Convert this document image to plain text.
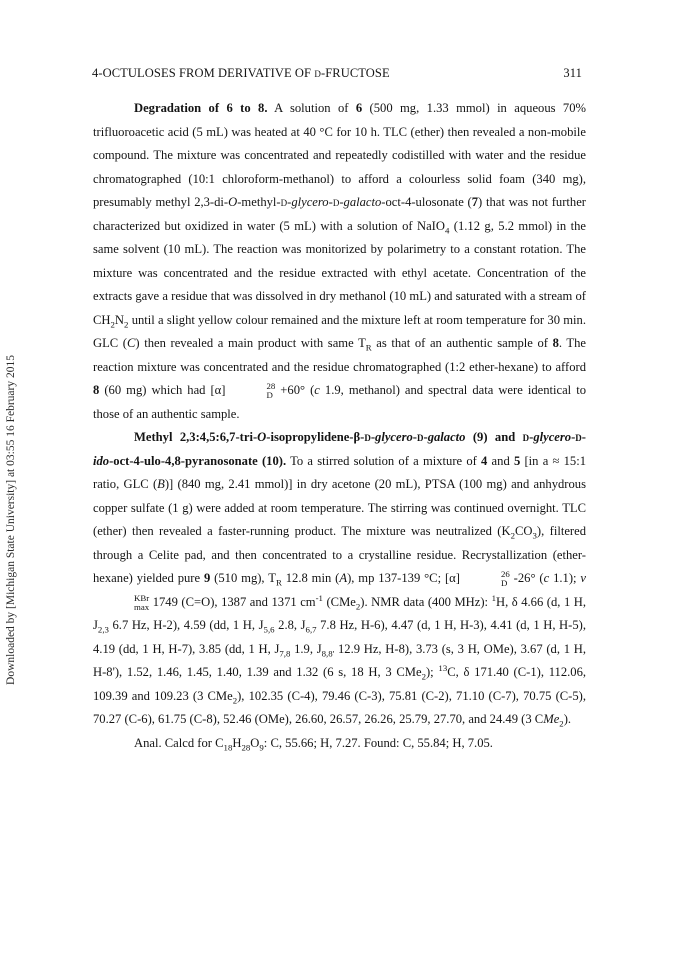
4-OCTULOSES FROM DERIVATIVE OF d-FRUCTOSE	311
Downloaded by [Michigan State University] at 03:55 16 February 2015

Degradation of 6 to 8. A solution of 6 (500 mg, 1.33 mmol) in aqueous 70% trifluoroacetic acid (5 mL) was heated at 40 °C for 10 h. TLC (ether) then revealed a non-mobile compound. The mixture was concentrated and repeatedly codistilled with water and the residue chromatographed (10:1 chloroform-methanol) to afford a colourless solid foam (340 mg), presumably methyl 2,3-di-O-methyl-d-glycero-d-galacto-oct-4-ulosonate (7) that was not further characterized but oxidized in water (5 mL) with a solution of NaIO$_4$ (1.12 g, 5.2 mmol) in the same solvent (10 mL). The reaction was monitorized by polarimetry to a constant rotation. The mixture was concentrated and the residue extracted with ethyl acetate. Concentration of the extracts gave a residue that was dissolved in dry methanol (10 mL) and saturated with a stream of $CH_2N_2$ until a slight yellow colour remained and the mixture left at room temperature for 30 min. GLC (C) then revealed a main product with same $T_R$ as that of an authentic sample of 8. The reaction mixture was concentrated and the residue chromatographed (1:2 ether-hexane) to afford 8 (60 mg) which had [α]	28
D +60° (c 1.9, methanol) and spectral data were identical to those of an authentic sample.

Methyl 2,3:4,5:6,7-tri-O-isopropylidene-β-d-glycero-d-galacto (9) and d-glycero-d-ido-oct-4-ulo-4,8-pyranosonate (10). To a stirred solution of a mixture of 4 and 5 [in a ≈ 15:1 ratio, GLC (B)] (840 mg, 2.41 mmol)] in dry acetone (20 mL), PTSA (100 mg) and anhydrous copper sulfate (1 g) were added at room temperature. The stirring was continued overnight. TLC (ether) then revealed a faster-running product. The mixture was neutralized $(K_2CO_3)$, filtered through a Celite pad, and then concentrated to a crystalline residue. Recrystallization (ether-hexane) yielded pure 9 (510 mg), $T_R$ 12.8 min (A), mp 137-139 °C; [α]	26
D -26° (c 1.1); ν
KBr
max 1749 (C=O), 1387 and 1371 $cm^{-1}$ (CMe$_2$). NMR data (400 MHz): $^1$H, δ 4.66 (d, 1 H, $J_{2,3}$ 6.7 Hz, H-2), 4.59 (dd, 1 H, $J_{5,6}$ 2.8, $J_{6,7}$ 7.8 Hz, H-6), 4.47 (d, 1 H, H-3), 4.41 (d, 1 H, H-5), 4.19 (dd, 1 H, H-7), 3.85 (dd, 1 H, $J_{7,8}$ 1.9, $J_{8,8'}$ 12.9 Hz, H-8), 3.73 (s, 3 H, OMe), 3.67 (d, 1 H, H-8'), 1.52, 1.46, 1.45, 1.40, 1.39 and 1.32 (6 s, 18 H, 3 CMe$_2$); $^{13}$C, δ 171.40 (C-1), 112.06, 109.39 and 109.23 (3 CMe$_2$), 102.35 (C-4), 79.46 (C-3), 75.81 (C-2), 71.10 (C-7), 70.75 (C-5), 70.27 (C-6), 61.75 (C-8), 52.46 (OMe), 26.60, 26.57, 26.26, 25.79, 27.70, and 24.49 (3 CMe$_2$).

Anal. Calcd for $C_{18}H_{28}O_9$: C, 55.66; H, 7.27. Found: C, 55.84; H, 7.05.
